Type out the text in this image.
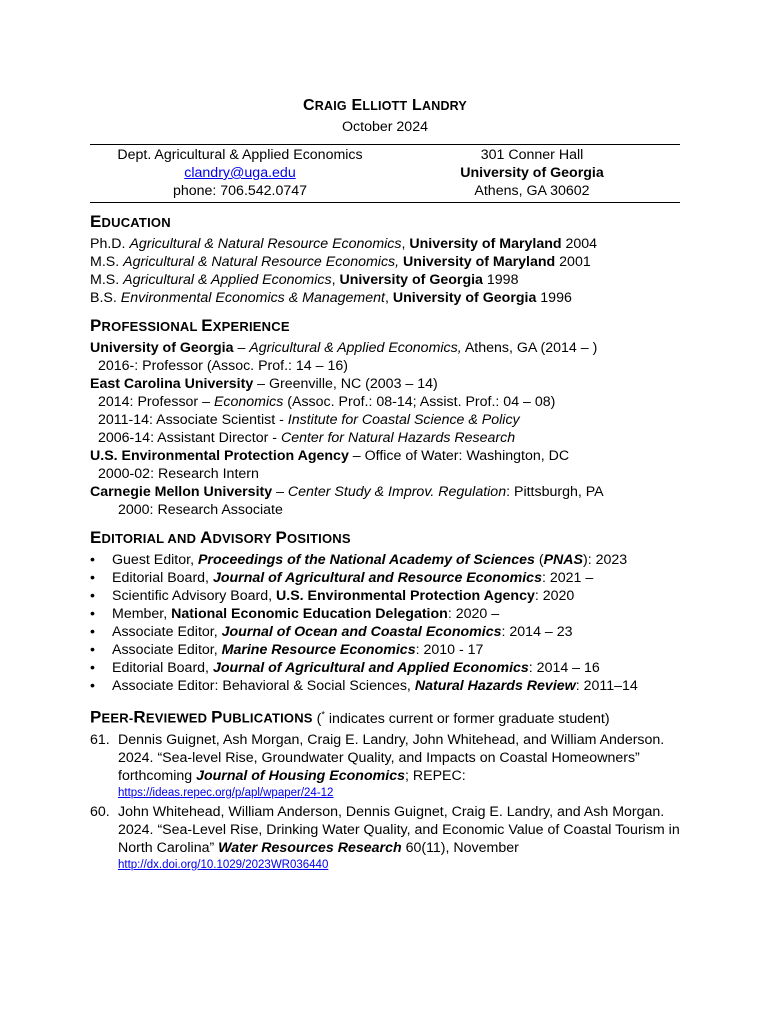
CRAIG ELLIOTT LANDRY

October 2024
Dept. Agricultural & Applied Economics
clandry@uga.edu
phone: 706.542.0747
301 Conner Hall
University of Georgia
Athens, GA 30602
EDUCATION
Ph.D. Agricultural & Natural Resource Economics, University of Maryland 2004
M.S. Agricultural & Natural Resource Economics, University of Maryland 2001
M.S. Agricultural & Applied Economics, University of Georgia 1998
B.S. Environmental Economics & Management, University of Georgia 1996
PROFESSIONAL EXPERIENCE
University of Georgia – Agricultural & Applied Economics, Athens, GA (2014 – )
2016-: Professor (Assoc. Prof.: 14 – 16)
East Carolina University – Greenville, NC (2003 – 14)
2014: Professor – Economics (Assoc. Prof.: 08-14; Assist. Prof.: 04 – 08)
2011-14: Associate Scientist - Institute for Coastal Science & Policy
2006-14: Assistant Director - Center for Natural Hazards Research
U.S. Environmental Protection Agency – Office of Water: Washington, DC
2000-02: Research Intern
Carnegie Mellon University – Center Study & Improv. Regulation: Pittsburgh, PA
2000: Research Associate
EDITORIAL AND ADVISORY POSITIONS
• Guest Editor, Proceedings of the National Academy of Sciences (PNAS): 2023
• Editorial Board, Journal of Agricultural and Resource Economics: 2021 –
• Scientific Advisory Board, U.S. Environmental Protection Agency: 2020
• Member, National Economic Education Delegation: 2020 –
• Associate Editor, Journal of Ocean and Coastal Economics: 2014 – 23
• Associate Editor, Marine Resource Economics: 2010 - 17
• Editorial Board, Journal of Agricultural and Applied Economics: 2014 – 16
• Associate Editor: Behavioral & Social Sciences, Natural Hazards Review: 2011–14
PEER-REVIEWED PUBLICATIONS (* indicates current or former graduate student)
61. Dennis Guignet, Ash Morgan, Craig E. Landry, John Whitehead, and William Anderson. 2024. “Sea-level Rise, Groundwater Quality, and Impacts on Coastal Homeowners” forthcoming Journal of Housing Economics; REPEC:
https://ideas.repec.org/p/apl/wpaper/24-12
60. John Whitehead, William Anderson, Dennis Guignet, Craig E. Landry, and Ash Morgan. 2024. “Sea-Level Rise, Drinking Water Quality, and Economic Value of Coastal Tourism in North Carolina” Water Resources Research 60(11), November
http://dx.doi.org/10.1029/2023WR036440
